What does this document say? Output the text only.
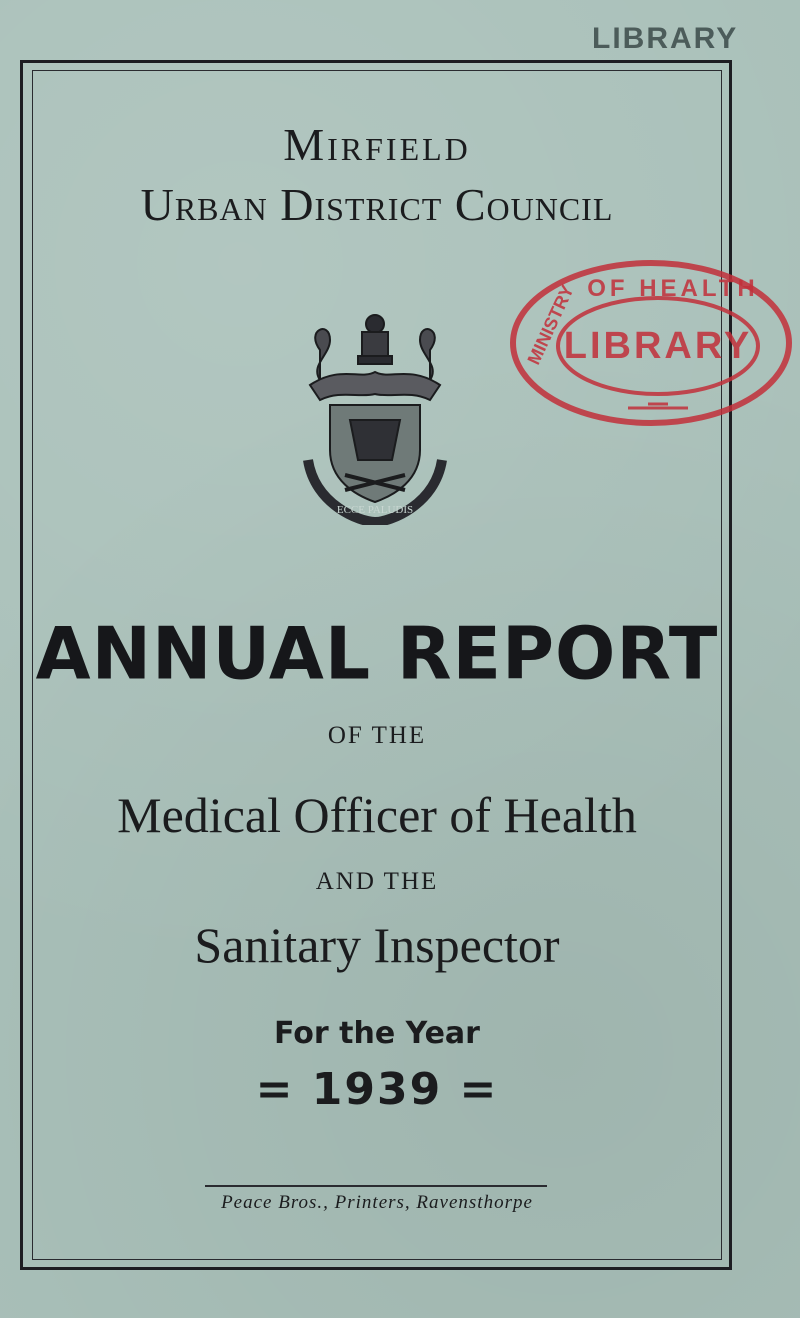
LIBRARY
Mirfield
Urban District Council
ECCE PALUDIS
LIBRARY
OF HEALTH
MINISTRY
ANNUAL REPORT
OF THE
Medical Officer of Health
AND THE
Sanitary Inspector
For the Year
= 1939 =
Peace Bros., Printers, Ravensthorpe
